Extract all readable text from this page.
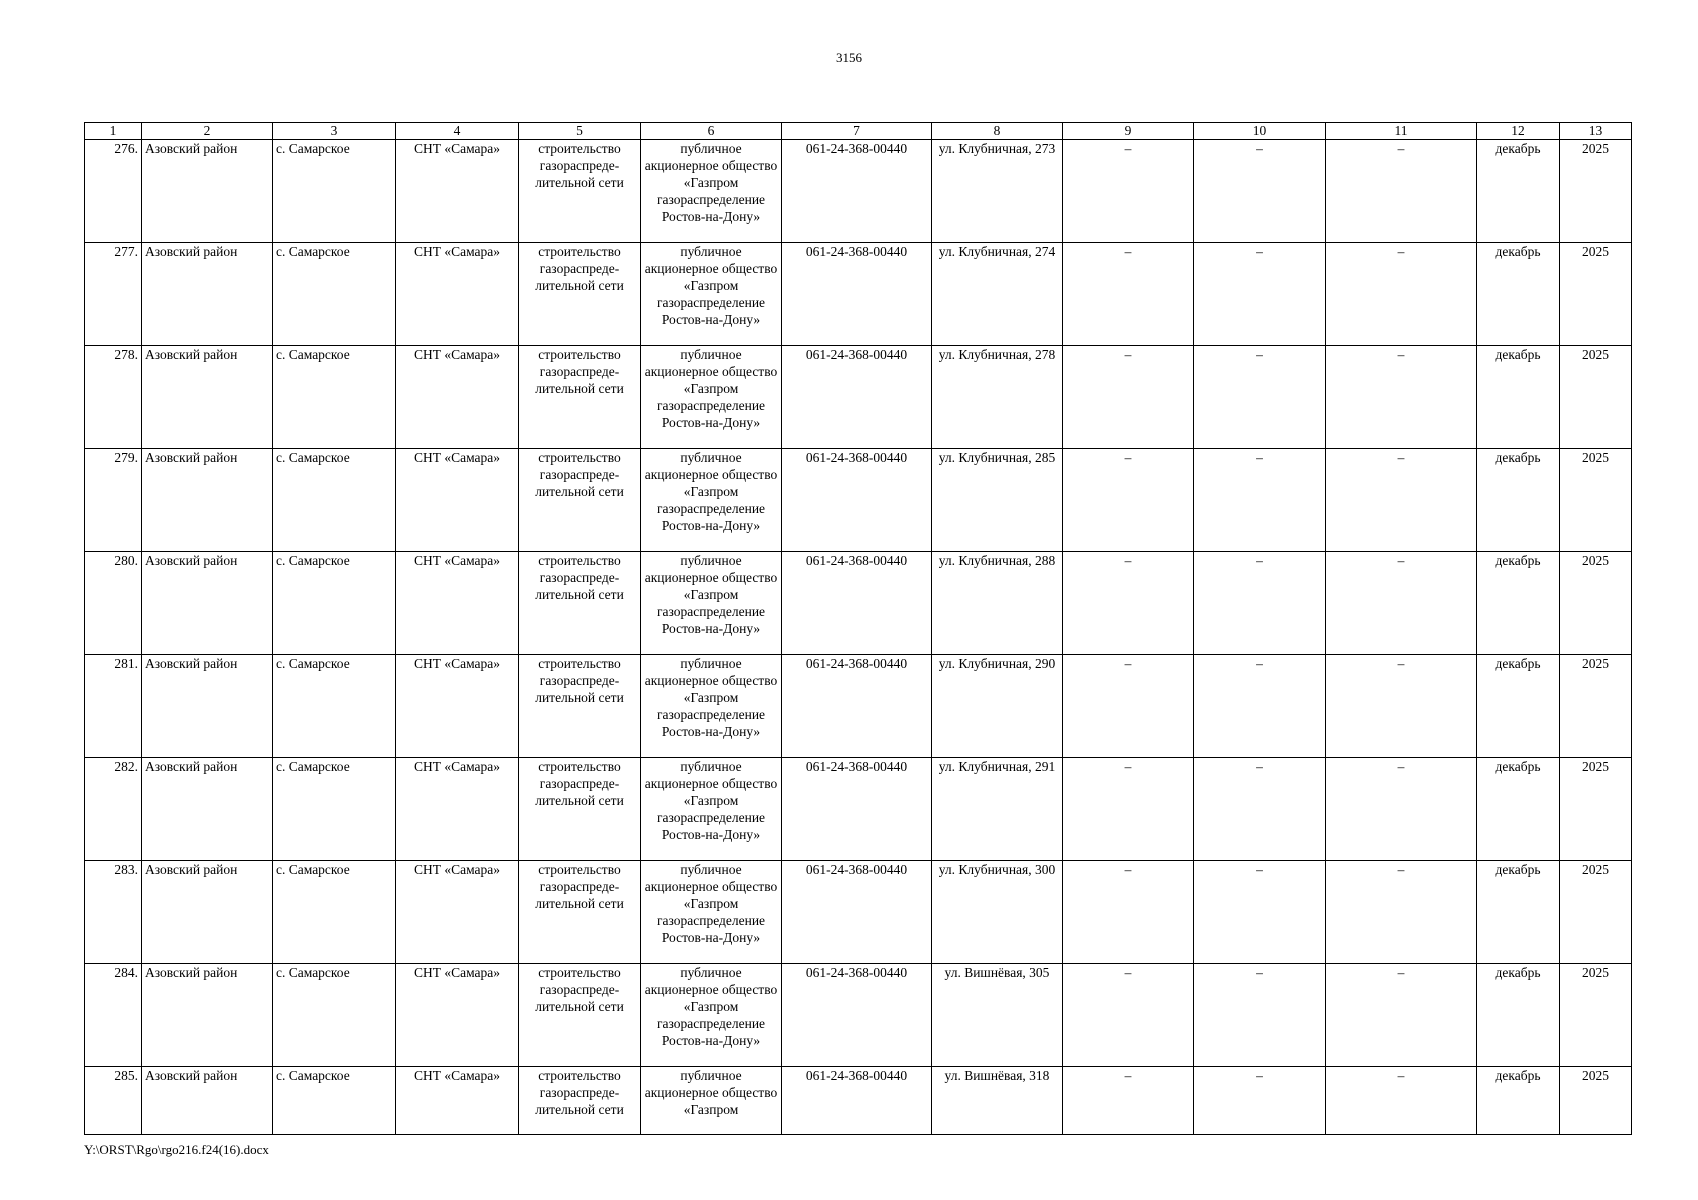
3156
1	2	3	4	5	6	7	8	9	10	11	12	13
276.	Азовский район	с. Самарское	СНТ «Самара»	строительство газораспреде-лительной сети	публичное акционерное общество «Газпром газораспределение Ростов-на-Дону»	061-24-368-00440	ул. Клубничная, 273	–	–	–	декабрь	2025
277.	Азовский район	с. Самарское	СНТ «Самара»	строительство газораспреде-лительной сети	публичное акционерное общество «Газпром газораспределение Ростов-на-Дону»	061-24-368-00440	ул. Клубничная, 274	–	–	–	декабрь	2025
278.	Азовский район	с. Самарское	СНТ «Самара»	строительство газораспреде-лительной сети	публичное акционерное общество «Газпром газораспределение Ростов-на-Дону»	061-24-368-00440	ул. Клубничная, 278	–	–	–	декабрь	2025
279.	Азовский район	с. Самарское	СНТ «Самара»	строительство газораспреде-лительной сети	публичное акционерное общество «Газпром газораспределение Ростов-на-Дону»	061-24-368-00440	ул. Клубничная, 285	–	–	–	декабрь	2025
280.	Азовский район	с. Самарское	СНТ «Самара»	строительство газораспреде-лительной сети	публичное акционерное общество «Газпром газораспределение Ростов-на-Дону»	061-24-368-00440	ул. Клубничная, 288	–	–	–	декабрь	2025
281.	Азовский район	с. Самарское	СНТ «Самара»	строительство газораспреде-лительной сети	публичное акционерное общество «Газпром газораспределение Ростов-на-Дону»	061-24-368-00440	ул. Клубничная, 290	–	–	–	декабрь	2025
282.	Азовский район	с. Самарское	СНТ «Самара»	строительство газораспреде-лительной сети	публичное акционерное общество «Газпром газораспределение Ростов-на-Дону»	061-24-368-00440	ул. Клубничная, 291	–	–	–	декабрь	2025
283.	Азовский район	с. Самарское	СНТ «Самара»	строительство газораспреде-лительной сети	публичное акционерное общество «Газпром газораспределение Ростов-на-Дону»	061-24-368-00440	ул. Клубничная, 300	–	–	–	декабрь	2025
284.	Азовский район	с. Самарское	СНТ «Самара»	строительство газораспреде-лительной сети	публичное акционерное общество «Газпром газораспределение Ростов-на-Дону»	061-24-368-00440	ул. Вишнёвая, 305	–	–	–	декабрь	2025
285.	Азовский район	с. Самарское	СНТ «Самара»	строительство газораспреде-лительной сети	публичное акционерное общество «Газпром	061-24-368-00440	ул. Вишнёвая, 318	–	–	–	декабрь	2025
Y:\ORST\Rgo\rgo216.f24(16).docx
